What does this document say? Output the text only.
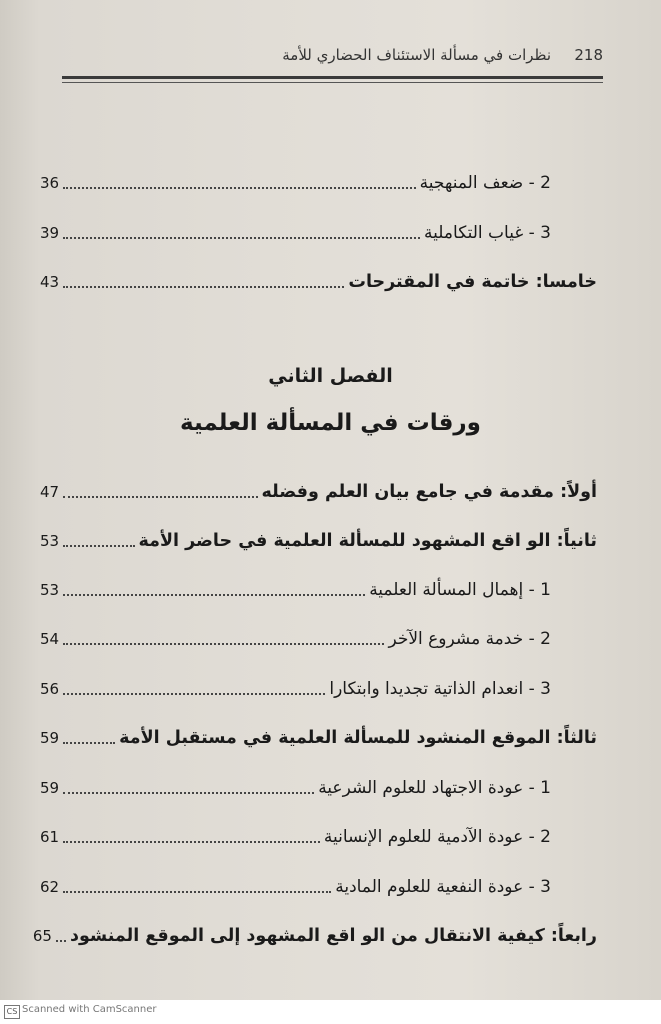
218
نظرات في مسألة الاستئناف الحضاري للأمة
2 - ضعف المنهجية
36
3 - غياب التكاملية
39
خامسا: خاتمة في المقترحات
43
الفصل الثاني
ورقات في المسألة العلمية
أولاً: مقدمة في جامع بيان العلم وفضله
47
ثانياً: الو اقع المشهود للمسألة العلمية في حاضر الأمة
53
1 - إهمال المسألة العلمية
53
2 - خدمة مشروع الآخر
54
3 - انعدام الذاتية تجديدا وابتكارا
56
ثالثاً: الموقع المنشود للمسألة العلمية في مستقبل الأمة
59
1 - عودة الاجتهاد للعلوم الشرعية
59
2 - عودة الآدمية للعلوم الإنسانية
61
3 - عودة النفعية للعلوم المادية
62
رابعاً: كيفية الانتقال من الو اقع المشهود إلى الموقع المنشود
65
CS Scanned with CamScanner
